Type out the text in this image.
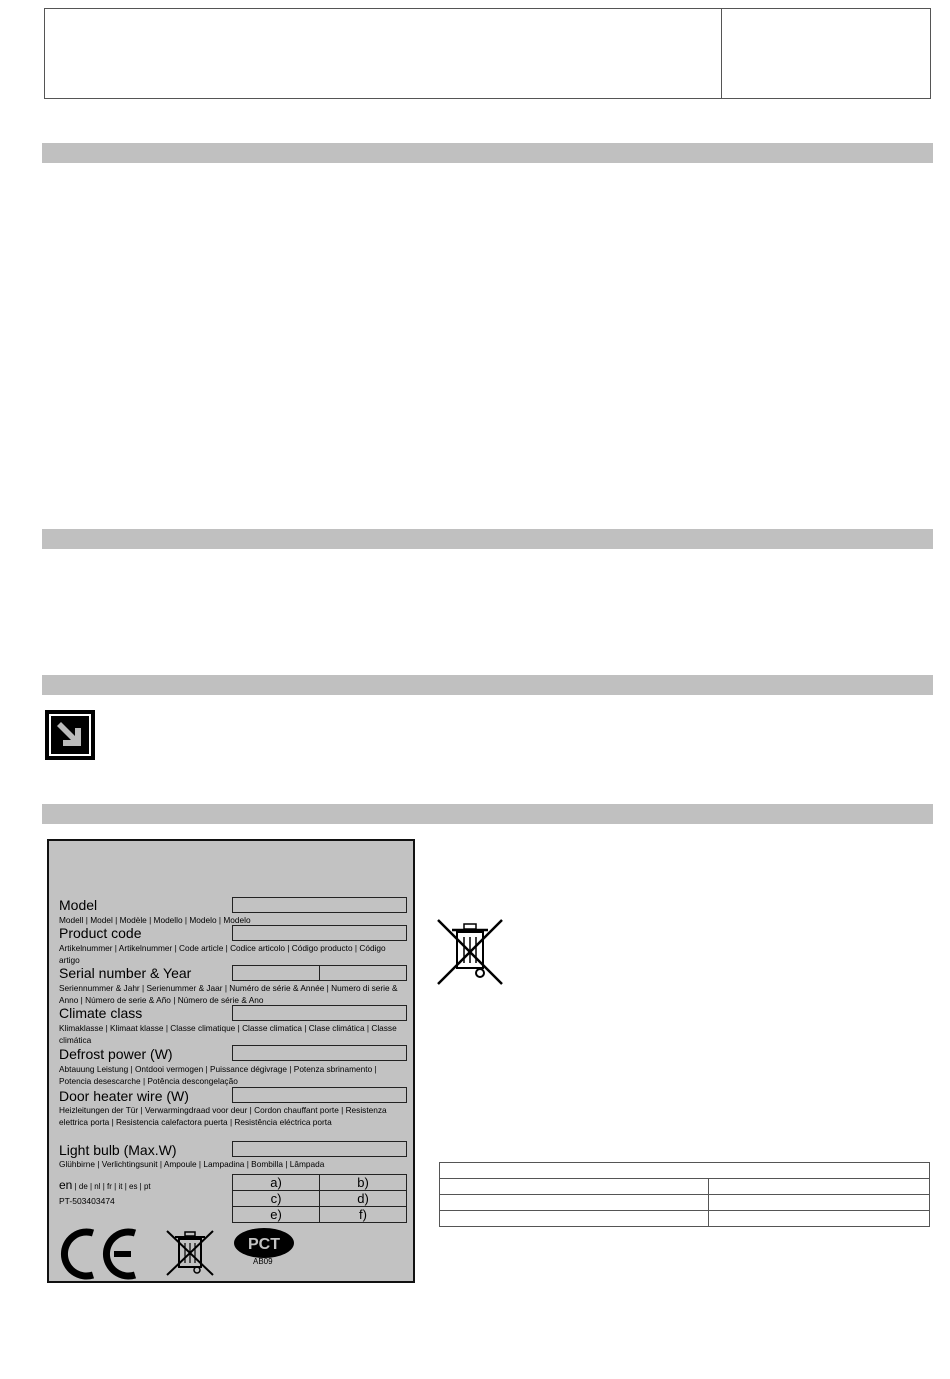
Model
Modell | Model | Modèle | Modello | Modelo | Modelo
Product code
Artikelnummer | Artikelnummer | Code article | Codice articolo | Código producto | Código artigo
Serial number & Year
Seriennummer & Jahr | Serienummer & Jaar | Numéro de série & Année | Numero di serie & Anno | Número de serie & Año | Número de série & Ano
Climate class
Klimaklasse | Klimaat klasse | Classe climatique | Classe climatica | Clase climática | Classe climática
Defrost power (W)
Abtauung Leistung | Ontdooi vermogen | Puissance dégivrage | Potenza sbrinamento | Potencia desescarche | Potência descongelação
Door heater wire (W)
Heizleitungen der Tür | Verwarmingdraad voor deur | Cordon chauffant porte | Resistenza elettrica porta | Resistencia calefactora puerta | Resistência eléctrica porta
Light bulb (Max.W)
Glühbirne | Verlichtingsunit | Ampoule | Lampadina | Bombilla | Lâmpada
en | de | nl | fr | it | es | pt
PT-503403474
a)	b)
c)	d)
e)	f)
PCT
AB09
